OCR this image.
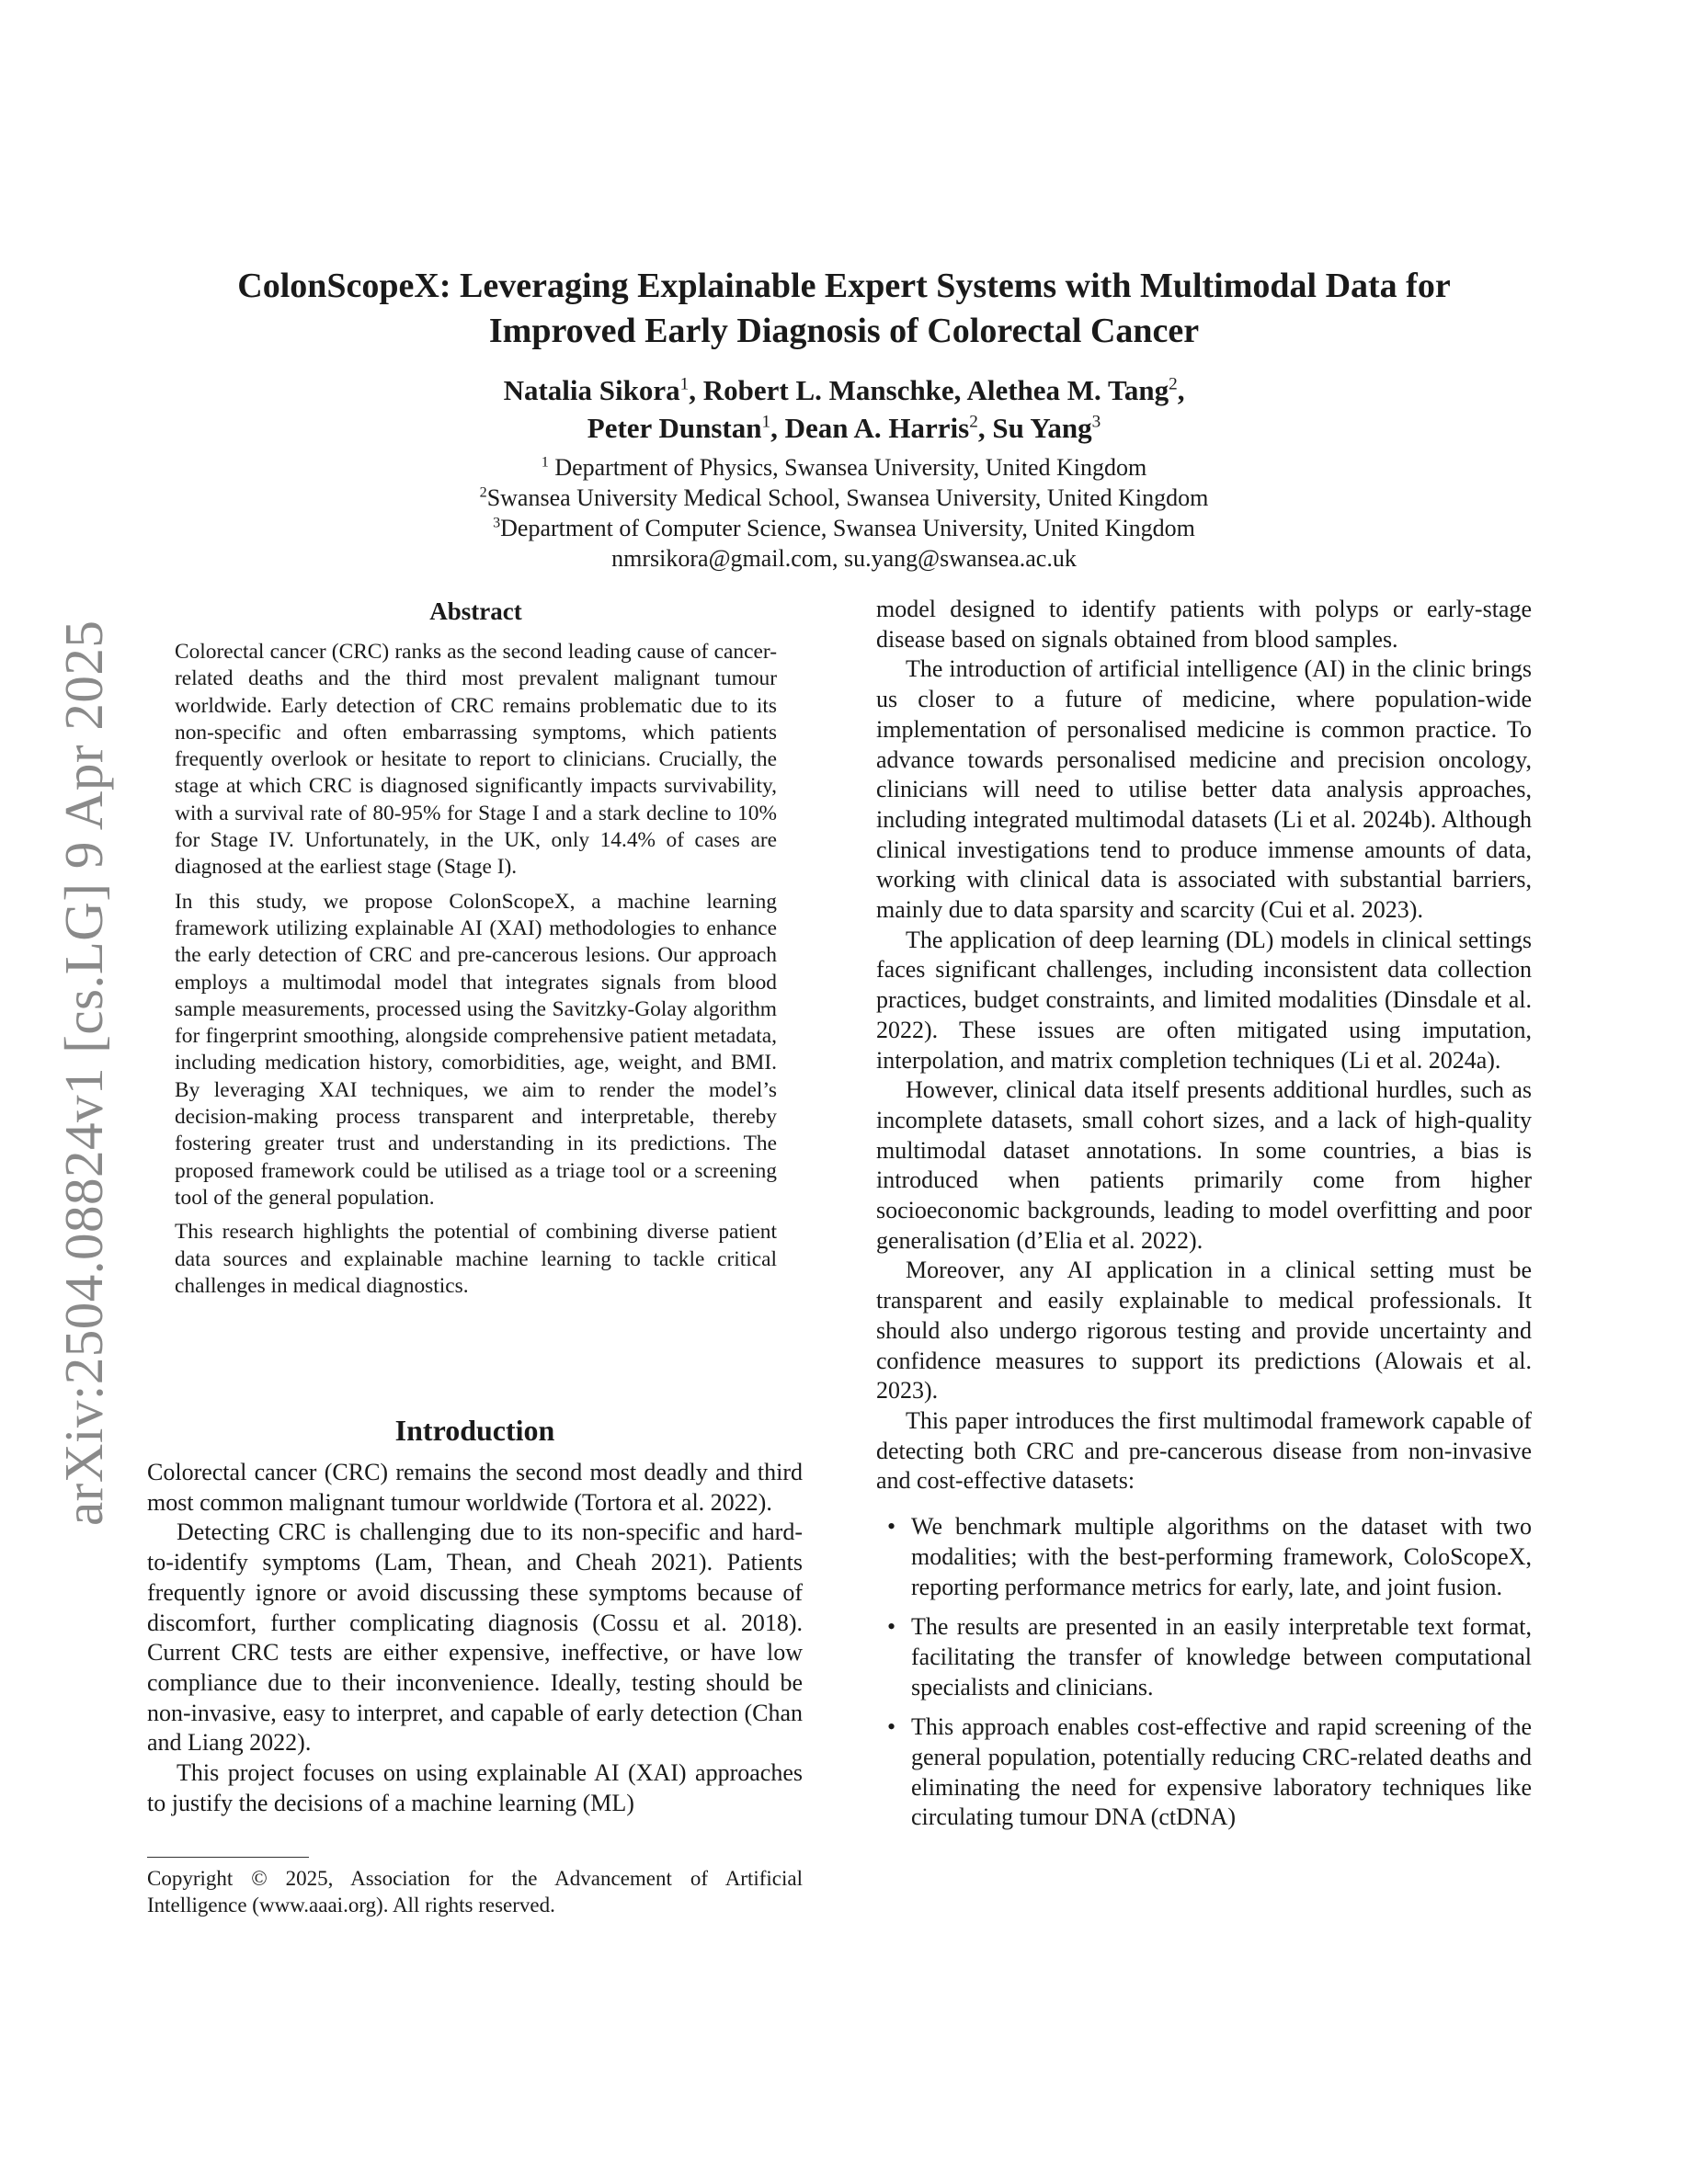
arXiv:2504.08824v1 [cs.LG] 9 Apr 2025
ColonScopeX: Leveraging Explainable Expert Systems with Multimodal Data for
Improved Early Diagnosis of Colorectal Cancer
Natalia Sikora$^1$, Robert L. Manschke, Alethea M. Tang$^2$,
Peter Dunstan$^1$, Dean A. Harris$^2$, Su Yang$^3$
$^1$ Department of Physics, Swansea University, United Kingdom
$^2$Swansea University Medical School, Swansea University, United Kingdom
$^3$Department of Computer Science, Swansea University, United Kingdom
nmrsikora@gmail.com, su.yang@swansea.ac.uk
Abstract

Colorectal cancer (CRC) ranks as the second leading cause of cancer-related deaths and the third most prevalent malignant tumour worldwide. Early detection of CRC remains problematic due to its non-specific and often embarrassing symptoms, which patients frequently overlook or hesitate to report to clinicians. Crucially, the stage at which CRC is diagnosed significantly impacts survivability, with a survival rate of 80-95% for Stage I and a stark decline to 10% for Stage IV. Unfortunately, in the UK, only 14.4% of cases are diagnosed at the earliest stage (Stage I).

In this study, we propose ColonScopeX, a machine learning framework utilizing explainable AI (XAI) methodologies to enhance the early detection of CRC and pre-cancerous lesions. Our approach employs a multimodal model that integrates signals from blood sample measurements, processed using the Savitzky-Golay algorithm for fingerprint smoothing, alongside comprehensive patient metadata, including medication history, comorbidities, age, weight, and BMI. By leveraging XAI techniques, we aim to render the model’s decision-making process transparent and interpretable, thereby fostering greater trust and understanding in its predictions. The proposed framework could be utilised as a triage tool or a screening tool of the general population.

This research highlights the potential of combining diverse patient data sources and explainable machine learning to tackle critical challenges in medical diagnostics.

Introduction

Colorectal cancer (CRC) remains the second most deadly and third most common malignant tumour worldwide (Tortora et al. 2022).

Detecting CRC is challenging due to its non-specific and hard-to-identify symptoms (Lam, Thean, and Cheah 2021). Patients frequently ignore or avoid discussing these symptoms because of discomfort, further complicating diagnosis (Cossu et al. 2018). Current CRC tests are either expensive, ineffective, or have low compliance due to their inconvenience. Ideally, testing should be non-invasive, easy to interpret, and capable of early detection (Chan and Liang 2022).

This project focuses on using explainable AI (XAI) approaches to justify the decisions of a machine learning (ML)

Copyright © 2025, Association for the Advancement of Artificial Intelligence (www.aaai.org). All rights reserved.

model designed to identify patients with polyps or early-stage disease based on signals obtained from blood samples.

The introduction of artificial intelligence (AI) in the clinic brings us closer to a future of medicine, where population-wide implementation of personalised medicine is common practice. To advance towards personalised medicine and precision oncology, clinicians will need to utilise better data analysis approaches, including integrated multimodal datasets (Li et al. 2024b). Although clinical investigations tend to produce immense amounts of data, working with clinical data is associated with substantial barriers, mainly due to data sparsity and scarcity (Cui et al. 2023).

The application of deep learning (DL) models in clinical settings faces significant challenges, including inconsistent data collection practices, budget constraints, and limited modalities (Dinsdale et al. 2022). These issues are often mitigated using imputation, interpolation, and matrix completion techniques (Li et al. 2024a).

However, clinical data itself presents additional hurdles, such as incomplete datasets, small cohort sizes, and a lack of high-quality multimodal dataset annotations. In some countries, a bias is introduced when patients primarily come from higher socioeconomic backgrounds, leading to model overfitting and poor generalisation (d’Elia et al. 2022).

Moreover, any AI application in a clinical setting must be transparent and easily explainable to medical professionals. It should also undergo rigorous testing and provide uncertainty and confidence measures to support its predictions (Alowais et al. 2023).

This paper introduces the first multimodal framework capable of detecting both CRC and pre-cancerous disease from non-invasive and cost-effective datasets:

• We benchmark multiple algorithms on the dataset with two modalities; with the best-performing framework, ColoScopeX, reporting performance metrics for early, late, and joint fusion.
• The results are presented in an easily interpretable text format, facilitating the transfer of knowledge between computational specialists and clinicians.
• This approach enables cost-effective and rapid screening of the general population, potentially reducing CRC-related deaths and eliminating the need for expensive laboratory techniques like circulating tumour DNA (ctDNA)
